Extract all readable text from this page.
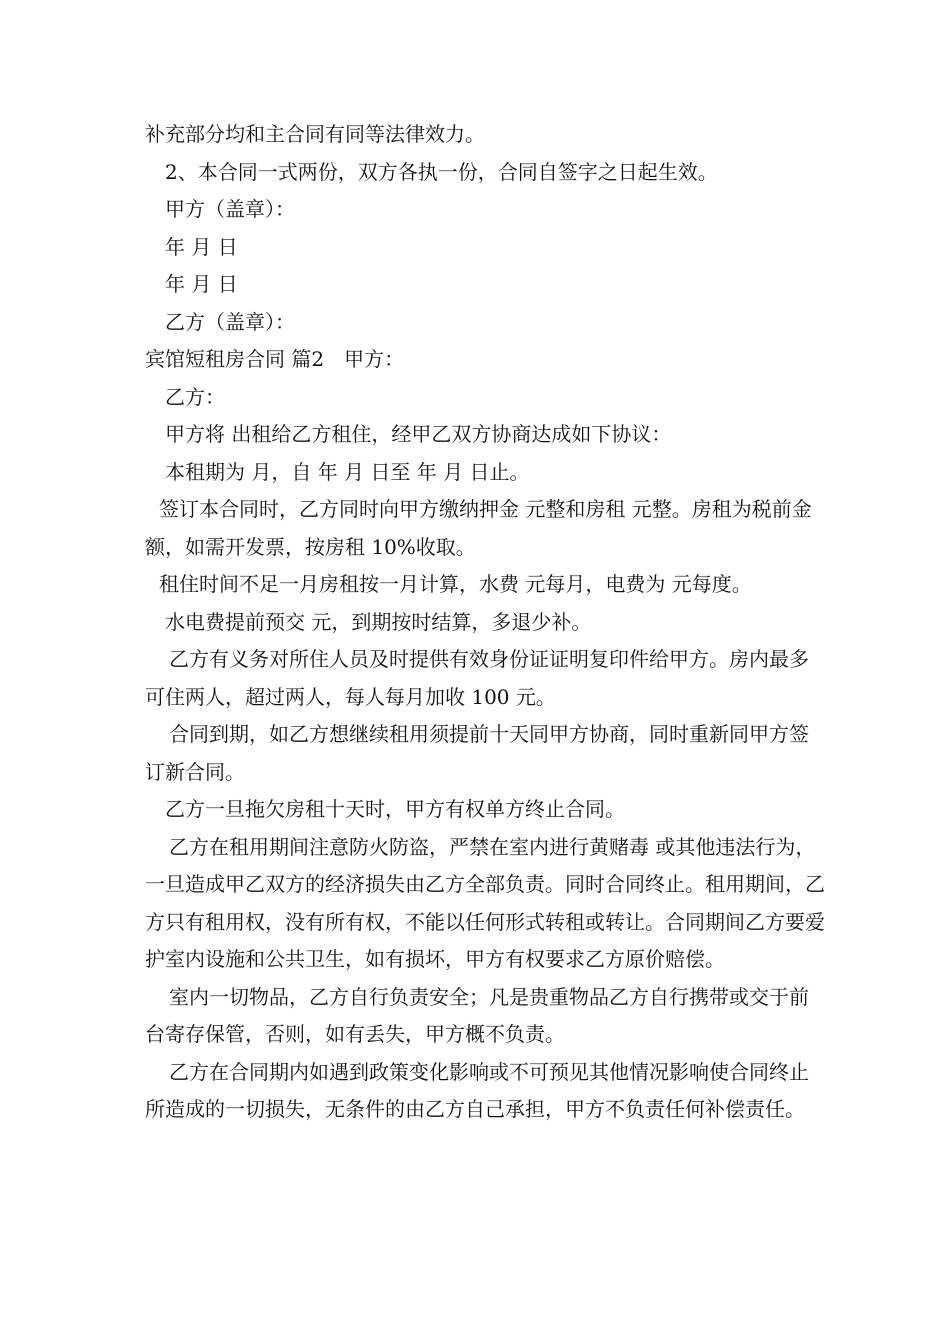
补充部分均和主合同有同等法律效力。

2、本合同一式两份，双方各执一份，合同自签字之日起生效。

甲方（盖章）：

年 月 日

年 月 日

乙方（盖章）：

宾馆短租房合同 篇2　甲方：

乙方：

甲方将 出租给乙方租住，经甲乙双方协商达成如下协议：

本租期为 月，自 年 月 日至 年 月 日止。

签订本合同时，乙方同时向甲方缴纳押金 元整和房租 元整。房租为税前金额，如需开发票，按房租 10%收取。

租住时间不足一月房租按一月计算，水费 元每月，电费为 元每度。

水电费提前预交 元，到期按时结算，多退少补。

乙方有义务对所住人员及时提供有效身份证证明复印件给甲方。房内最多可住两人，超过两人，每人每月加收 100 元。

合同到期，如乙方想继续租用须提前十天同甲方协商，同时重新同甲方签订新合同。

乙方一旦拖欠房租十天时，甲方有权单方终止合同。

乙方在租用期间注意防火防盗，严禁在室内进行黄赌毒 或其他违法行为，一旦造成甲乙双方的经济损失由乙方全部负责。同时合同终止。租用期间，乙方只有租用权，没有所有权，不能以任何形式转租或转让。合同期间乙方要爱护室内设施和公共卫生，如有损坏，甲方有权要求乙方原价赔偿。

室内一切物品，乙方自行负责安全；凡是贵重物品乙方自行携带或交于前台寄存保管，否则，如有丢失，甲方概不负责。

乙方在合同期内如遇到政策变化影响或不可预见其他情况影响使合同终止所造成的一切损失，无条件的由乙方自己承担，甲方不负责任何补偿责任。
